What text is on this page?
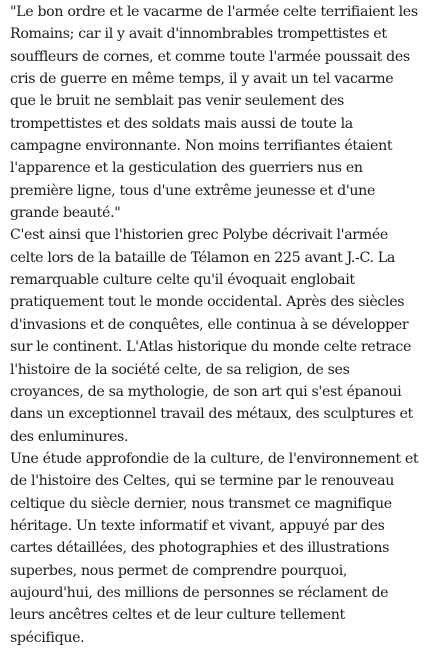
"Le bon ordre et le vacarme de l'armée celte terrifiaient les Romains; car il y avait d'innombrables trompettistes et souffleurs de cornes, et comme toute l'armée poussait des cris de guerre en même temps, il y avait un tel vacarme que le bruit ne semblait pas venir seulement des trompettistes et des soldats mais aussi de toute la campagne environnante. Non moins terrifiantes étaient l'apparence et la gesticulation des guerriers nus en première ligne, tous d'une extrême jeunesse et d'une grande beauté."

C'est ainsi que l'historien grec Polybe décrivait l'armée celte lors de la bataille de Télamon en 225 avant J.-C. La remarquable culture celte qu'il évoquait englobait pratiquement tout le monde occidental. Après des siècles d'invasions et de conquêtes, elle continua à se développer sur le continent. L'Atlas historique du monde celte retrace l'histoire de la société celte, de sa religion, de ses croyances, de sa mythologie, de son art qui s'est épanoui dans un exceptionnel travail des métaux, des sculptures et des enluminures.

Une étude approfondie de la culture, de l'environnement et de l'histoire des Celtes, qui se termine par le renouveau celtique du siècle dernier, nous transmet ce magnifique héritage. Un texte informatif et vivant, appuyé par des cartes détaillées, des photographies et des illustrations superbes, nous permet de comprendre pourquoi, aujourd'hui, des millions de personnes se réclament de leurs ancêtres celtes et de leur culture tellement spécifique.
